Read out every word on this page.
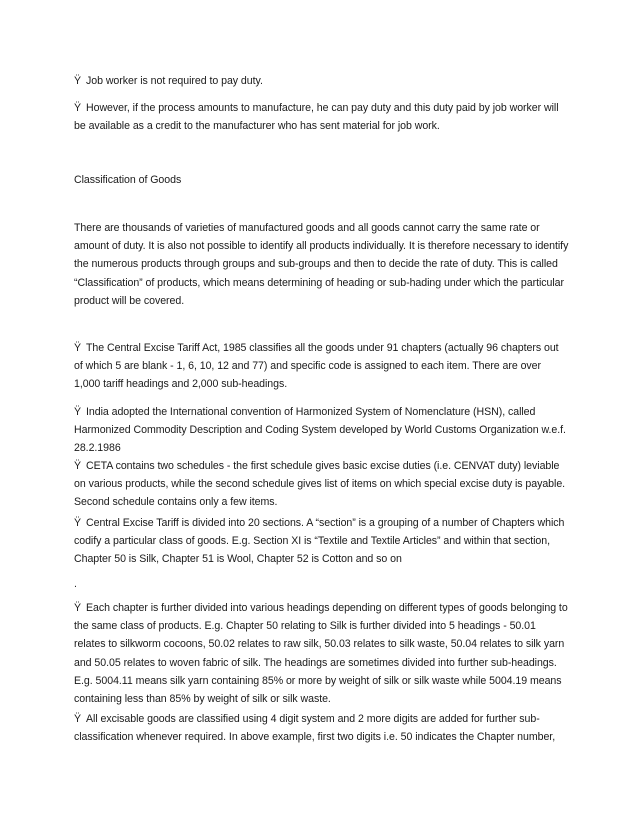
Ÿ Job worker is not required to pay duty.

Ÿ However, if the process amounts to manufacture, he can pay duty and this duty paid by job worker will be available as a credit to the manufacturer who has sent material for job work.

Classification of Goods

There are thousands of varieties of manufactured goods and all goods cannot carry the same rate or amount of duty. It is also not possible to identify all products individually. It is therefore necessary to identify the numerous products through groups and sub-groups and then to decide the rate of duty. This is called “Classification” of products, which means determining of heading or sub-hading under which the particular product will be covered.

Ÿ The Central Excise Tariff Act, 1985 classifies all the goods under 91 chapters (actually 96 chapters out of which 5 are blank - 1, 6, 10, 12 and 77) and specific code is assigned to each item. There are over 1,000 tariff headings and 2,000 sub-headings.

Ÿ India adopted the International convention of Harmonized System of Nomenclature (HSN), called Harmonized Commodity Description and Coding System developed by World Customs Organization w.e.f. 28.2.1986

Ÿ CETA contains two schedules - the first schedule gives basic excise duties (i.e. CENVAT duty) leviable on various products, while the second schedule gives list of items on which special excise duty is payable. Second schedule contains only a few items.

Ÿ Central Excise Tariff is divided into 20 sections. A “section” is a grouping of a number of Chapters which codify a particular class of goods. E.g. Section XI is “Textile and Textile Articles” and within that section, Chapter 50 is Silk, Chapter 51 is Wool, Chapter 52 is Cotton and so on

.

Ÿ Each chapter is further divided into various headings depending on different types of goods belonging to the same class of products. E.g. Chapter 50 relating to Silk is further divided into 5 headings - 50.01 relates to silkworm cocoons, 50.02 relates to raw silk, 50.03 relates to silk waste, 50.04 relates to silk yarn and 50.05 relates to woven fabric of silk. The headings are sometimes divided into further sub-headings. E.g. 5004.11 means silk yarn containing 85% or more by weight of silk or silk waste while 5004.19 means containing less than 85% by weight of silk or silk waste.

Ÿ All excisable goods are classified using 4 digit system and 2 more digits are added for further sub-classification whenever required. In above example, first two digits i.e. 50 indicates the Chapter number,
